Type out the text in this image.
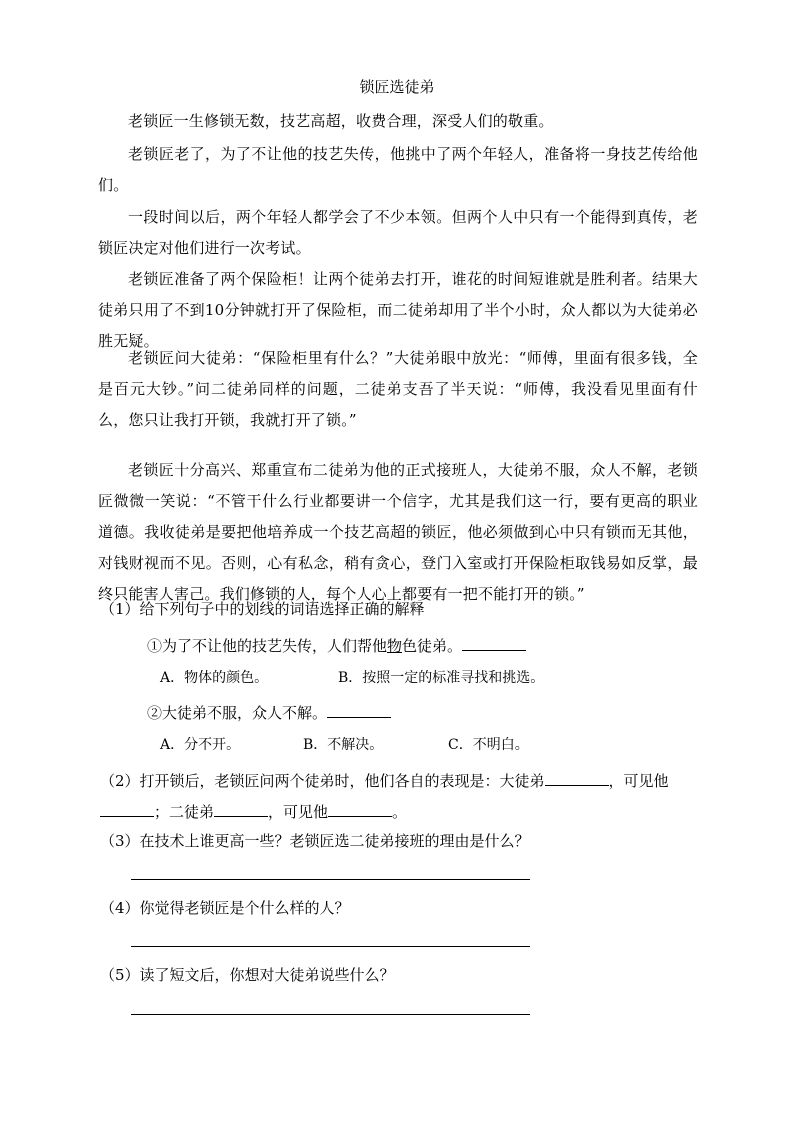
锁匠选徒弟
老锁匠一生修锁无数，技艺高超，收费合理，深受人们的敬重。
老锁匠老了，为了不让他的技艺失传，他挑中了两个年轻人，准备将一身技艺传给他们。
一段时间以后，两个年轻人都学会了不少本领。但两个人中只有一个能得到真传，老锁匠决定对他们进行一次考试。
老锁匠准备了两个保险柜！让两个徒弟去打开，谁花的时间短谁就是胜利者。结果大徒弟只用了不到10分钟就打开了保险柜，而二徒弟却用了半个小时，众人都以为大徒弟必胜无疑。
老锁匠问大徒弟：“保险柜里有什么？”大徒弟眼中放光：“师傅，里面有很多钱，全是百元大钞。”问二徒弟同样的问题，二徒弟支吾了半天说：“师傅，我没看见里面有什么，您只让我打开锁，我就打开了锁。”
老锁匠十分高兴、郑重宣布二徒弟为他的正式接班人，大徒弟不服，众人不解，老锁匠微微一笑说：“不管干什么行业都要讲一个信字，尤其是我们这一行，要有更高的职业道德。我收徒弟是要把他培养成一个技艺高超的锁匠，他必须做到心中只有锁而无其他，对钱财视而不见。否则，心有私念，稍有贪心，登门入室或打开保险柜取钱易如反掌，最终只能害人害己。我们修锁的人，每个人心上都要有一把不能打开的锁。”
（1）给下列句子中的划线的词语选择正确的解释
①为了不让他的技艺失传，人们帮他物色徒弟。
A．物体的颜色。	B．按照一定的标准寻找和挑选。
②大徒弟不服，众人不解。
A．分不开。	B．不解决。	C．不明白。
（2）打开锁后，老锁匠问两个徒弟时，他们各自的表现是：大徒弟	，可见他；二徒弟	，可见他	。
（3）在技术上谁更高一些？老锁匠选二徒弟接班的理由是什么？
（4）你觉得老锁匠是个什么样的人？
（5）读了短文后，你想对大徒弟说些什么？
